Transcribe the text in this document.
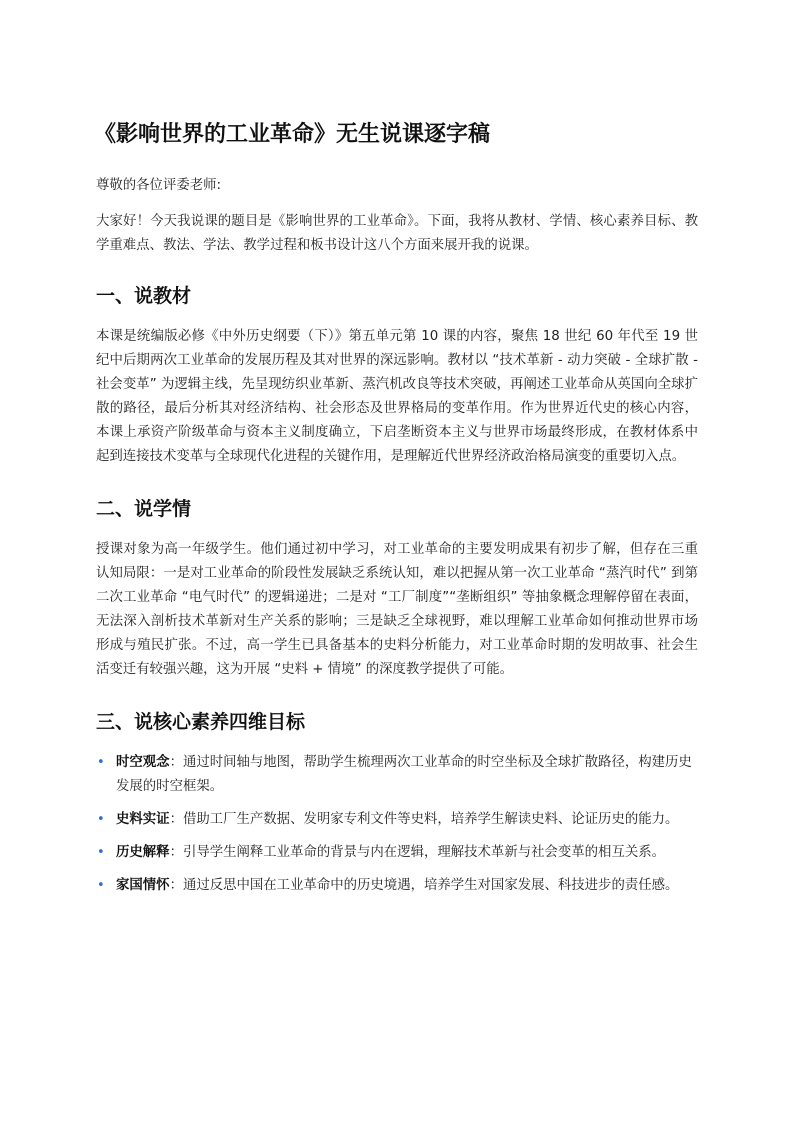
《影响世界的工业革命》无生说课逐字稿

尊敬的各位评委老师:

大家好！今天我说课的题目是《影响世界的工业革命》。下面，我将从教材、学情、核心素养目标、教学重难点、教法、学法、教学过程和板书设计这八个方面来展开我的说课。

一、说教材

本课是统编版必修《中外历史纲要（下）》第五单元第 10 课的内容，聚焦 18 世纪 60 年代至 19 世纪中后期两次工业革命的发展历程及其对世界的深远影响。教材以 “技术革新 - 动力突破 - 全球扩散 - 社会变革” 为逻辑主线，先呈现纺织业革新、蒸汽机改良等技术突破，再阐述工业革命从英国向全球扩散的路径，最后分析其对经济结构、社会形态及世界格局的变革作用。作为世界近代史的核心内容，本课上承资产阶级革命与资本主义制度确立，下启垄断资本主义与世界市场最终形成，在教材体系中起到连接技术变革与全球现代化进程的关键作用，是理解近代世界经济政治格局演变的重要切入点。

二、说学情

授课对象为高一年级学生。他们通过初中学习，对工业革命的主要发明成果有初步了解，但存在三重认知局限：一是对工业革命的阶段性发展缺乏系统认知，难以把握从第一次工业革命 “蒸汽时代” 到第二次工业革命 “电气时代” 的逻辑递进；二是对 “工厂制度”“垄断组织” 等抽象概念理解停留在表面，无法深入剖析技术革新对生产关系的影响；三是缺乏全球视野，难以理解工业革命如何推动世界市场形成与殖民扩张。不过，高一学生已具备基本的史料分析能力，对工业革命时期的发明故事、社会生活变迁有较强兴趣，这为开展 “史料 + 情境” 的深度教学提供了可能。

三、说核心素养四维目标
• 时空观念：通过时间轴与地图，帮助学生梳理两次工业革命的时空坐标及全球扩散路径，构建历史发展的时空框架。
• 史料实证：借助工厂生产数据、发明家专利文件等史料，培养学生解读史料、论证历史的能力。
• 历史解释：引导学生阐释工业革命的背景与内在逻辑，理解技术革新与社会变革的相互关系。
• 家国情怀：通过反思中国在工业革命中的历史境遇，培养学生对国家发展、科技进步的责任感。
